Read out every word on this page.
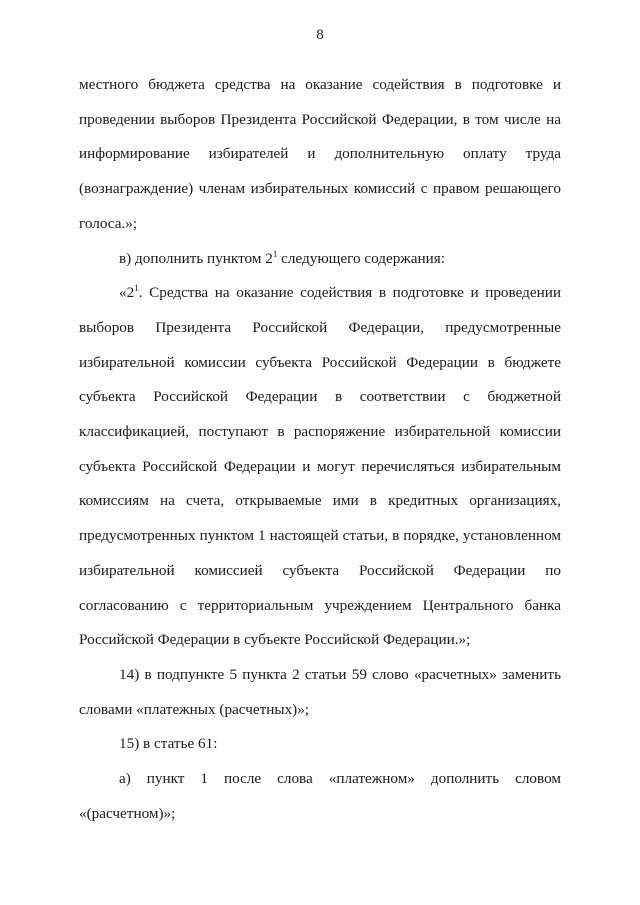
8

местного бюджета средства на оказание содействия в подготовке и проведении выборов Президента Российской Федерации, в том числе на информирование избирателей и дополнительную оплату труда (вознаграждение) членам избирательных комиссий с правом решающего голоса.»;

в) дополнить пунктом $2^1$ следующего содержания:

«$2^1$. Средства на оказание содействия в подготовке и проведении выборов Президента Российской Федерации, предусмотренные избирательной комиссии субъекта Российской Федерации в бюджете субъекта Российской Федерации в соответствии с бюджетной классификацией, поступают в распоряжение избирательной комиссии субъекта Российской Федерации и могут перечисляться избирательным комиссиям на счета, открываемые ими в кредитных организациях, предусмотренных пунктом 1 настоящей статьи, в порядке, установленном избирательной комиссией субъекта Российской Федерации по согласованию с территориальным учреждением Центрального банка Российской Федерации в субъекте Российской Федерации.»;

14) в подпункте 5 пункта 2 статьи 59 слово «расчетных» заменить словами «платежных (расчетных)»;

15) в статье 61:

а) пункт 1 после слова «платежном» дополнить словом «(расчетном)»;
